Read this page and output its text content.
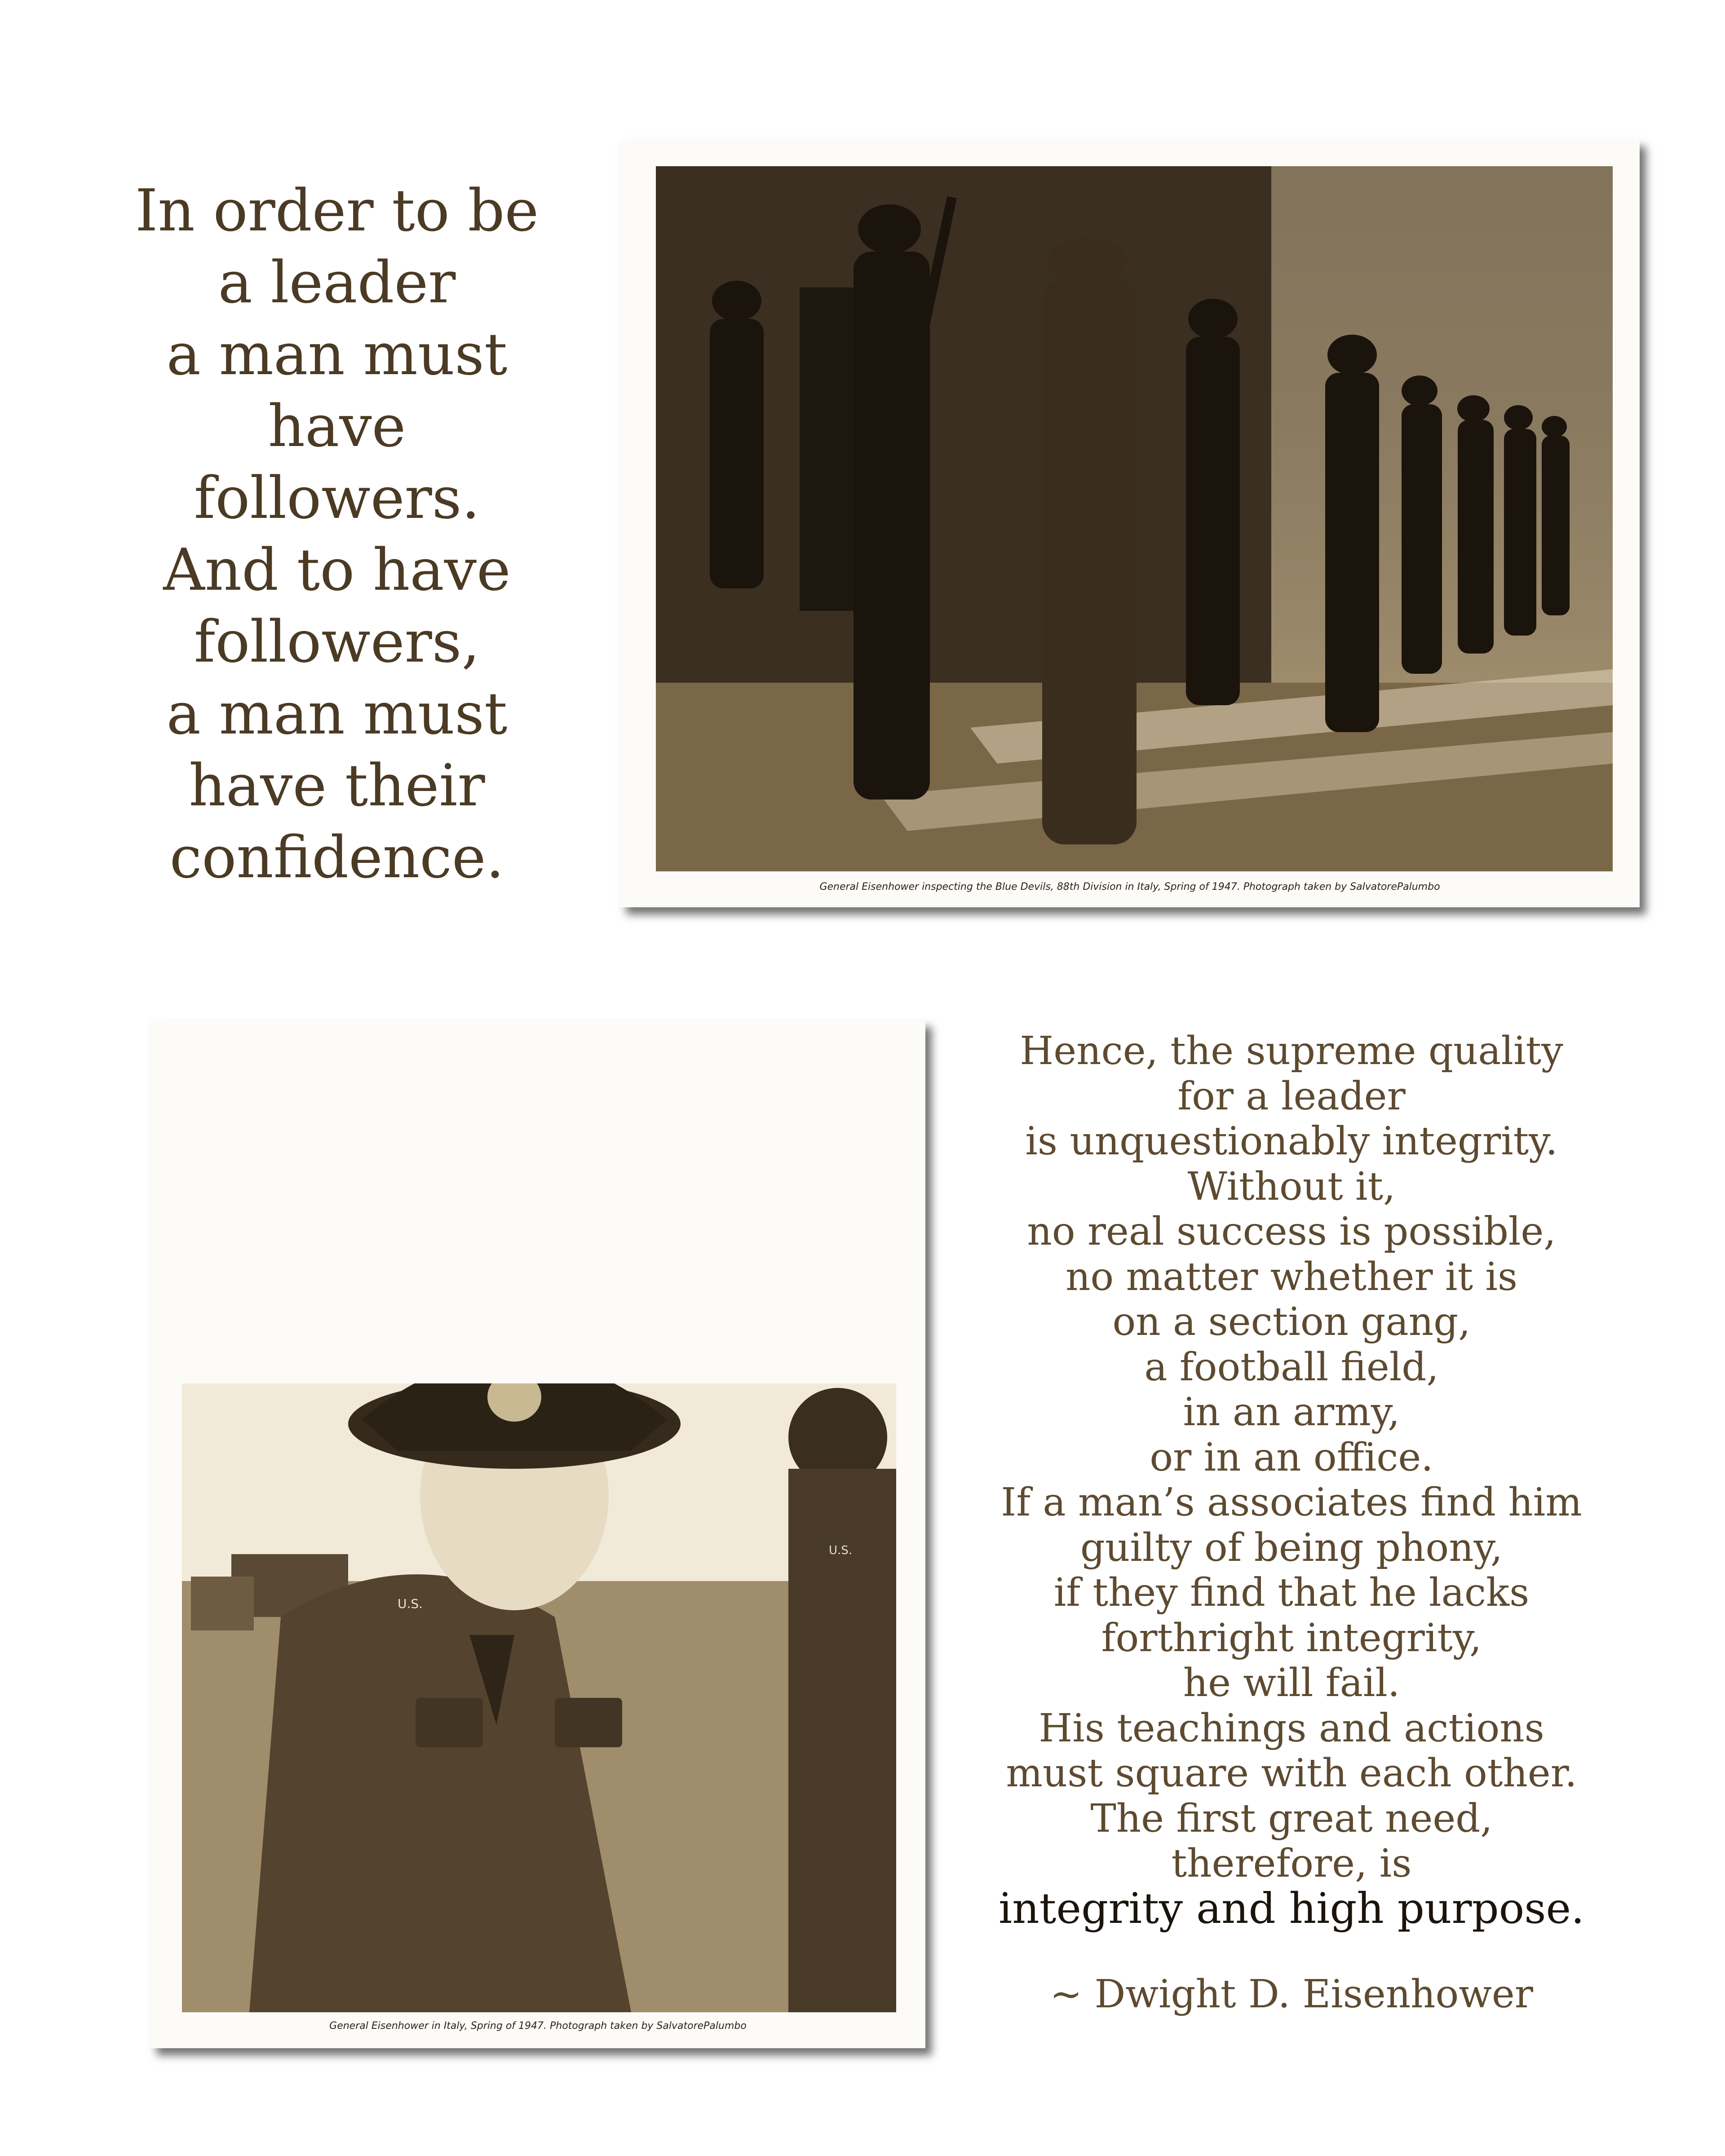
In order to be
a leader
a man must
have
followers.
And to have
followers,
a man must
have their
confidence.	General Eisenhower inspecting the Blue Devils, 88th Division in Italy, Spring of 1947. Photograph taken by SalvatorePalumbo
U.S.
U.S.
General Eisenhower in Italy, Spring of 1947. Photograph taken by SalvatorePalumbo
Hence, the supreme quality
for a leader
is unquestionably integrity.
Without it,
no real success is possible,
no matter whether it is
on a section gang,
a football field,
in an army,
or in an office.
If a man’s associates find him
guilty of being phony,
if they find that he lacks
forthright integrity,
he will fail.
His teachings and actions
must square with each other.
The first great need,
therefore, is
integrity and high purpose.
~ Dwight D. Eisenhower
